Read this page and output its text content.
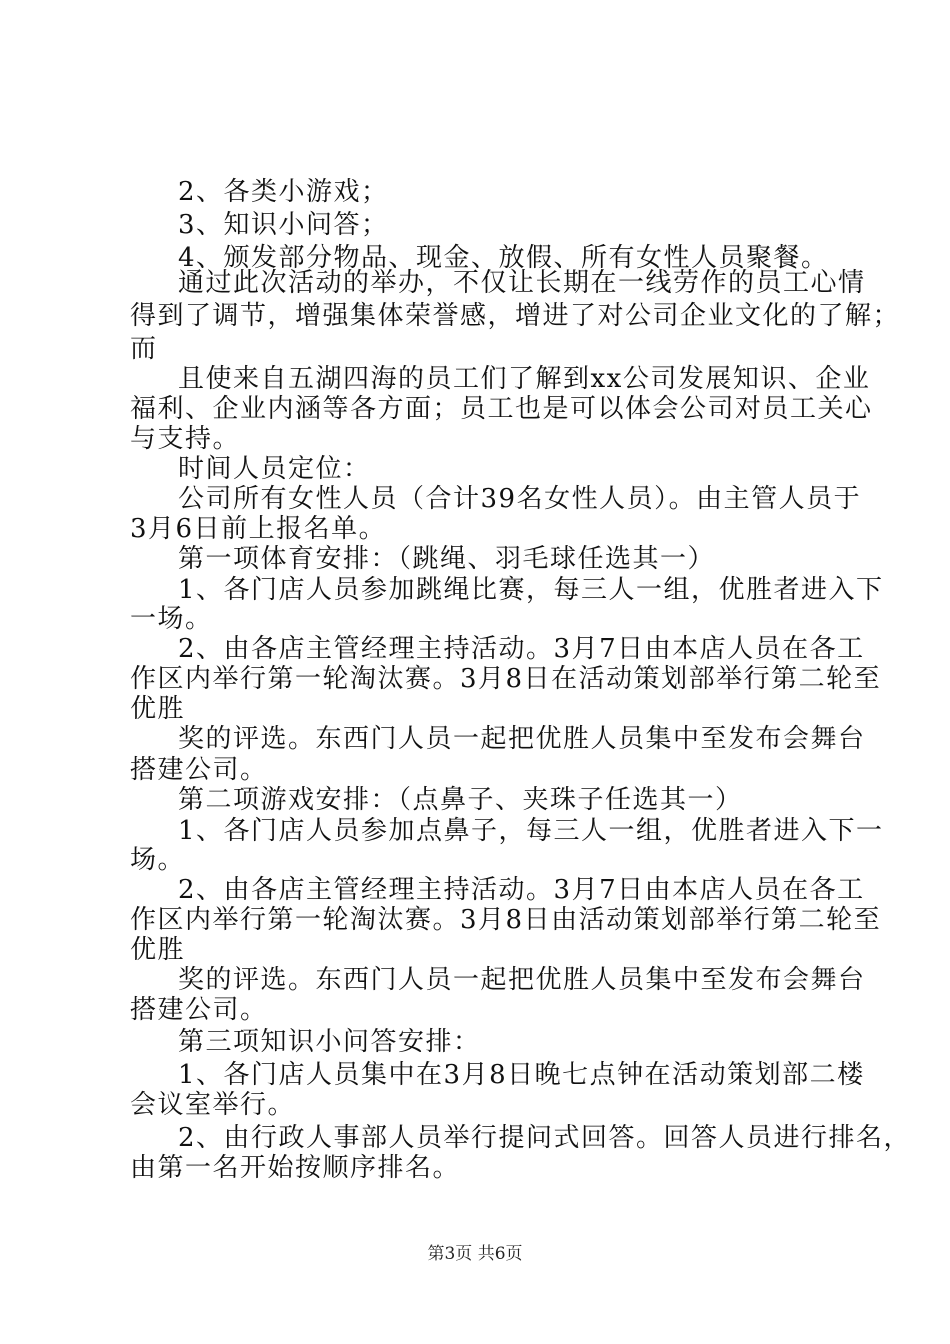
2、各类小游戏；
3、知识小问答；
4、颁发部分物品、现金、放假、所有女性人员聚餐。
通过此次活动的举办，不仅让长期在一线劳作的员工心情
得到了调节，增强集体荣誉感，增进了对公司企业文化的了解；
而
且使来自五湖四海的员工们了解到xx公司发展知识、企业
福利、企业内涵等各方面；员工也是可以体会公司对员工关心
与支持。
时间人员定位：
公司所有女性人员（合计39名女性人员）。由主管人员于
3月6日前上报名单。
第一项体育安排：（跳绳、羽毛球任选其一）
1、各门店人员参加跳绳比赛，每三人一组，优胜者进入下
一场。
2、由各店主管经理主持活动。3月7日由本店人员在各工
作区内举行第一轮淘汰赛。3月8日在活动策划部举行第二轮至
优胜
奖的评选。东西门人员一起把优胜人员集中至发布会舞台
搭建公司。
第二项游戏安排：（点鼻子、夹珠子任选其一）
1、各门店人员参加点鼻子，每三人一组，优胜者进入下一
场。
2、由各店主管经理主持活动。3月7日由本店人员在各工
作区内举行第一轮淘汰赛。3月8日由活动策划部举行第二轮至
优胜
奖的评选。东西门人员一起把优胜人员集中至发布会舞台
搭建公司。
第三项知识小问答安排：
1、各门店人员集中在3月8日晚七点钟在活动策划部二楼
会议室举行。
2、由行政人事部人员举行提问式回答。回答人员进行排名，
由第一名开始按顺序排名。
第3页 共6页
